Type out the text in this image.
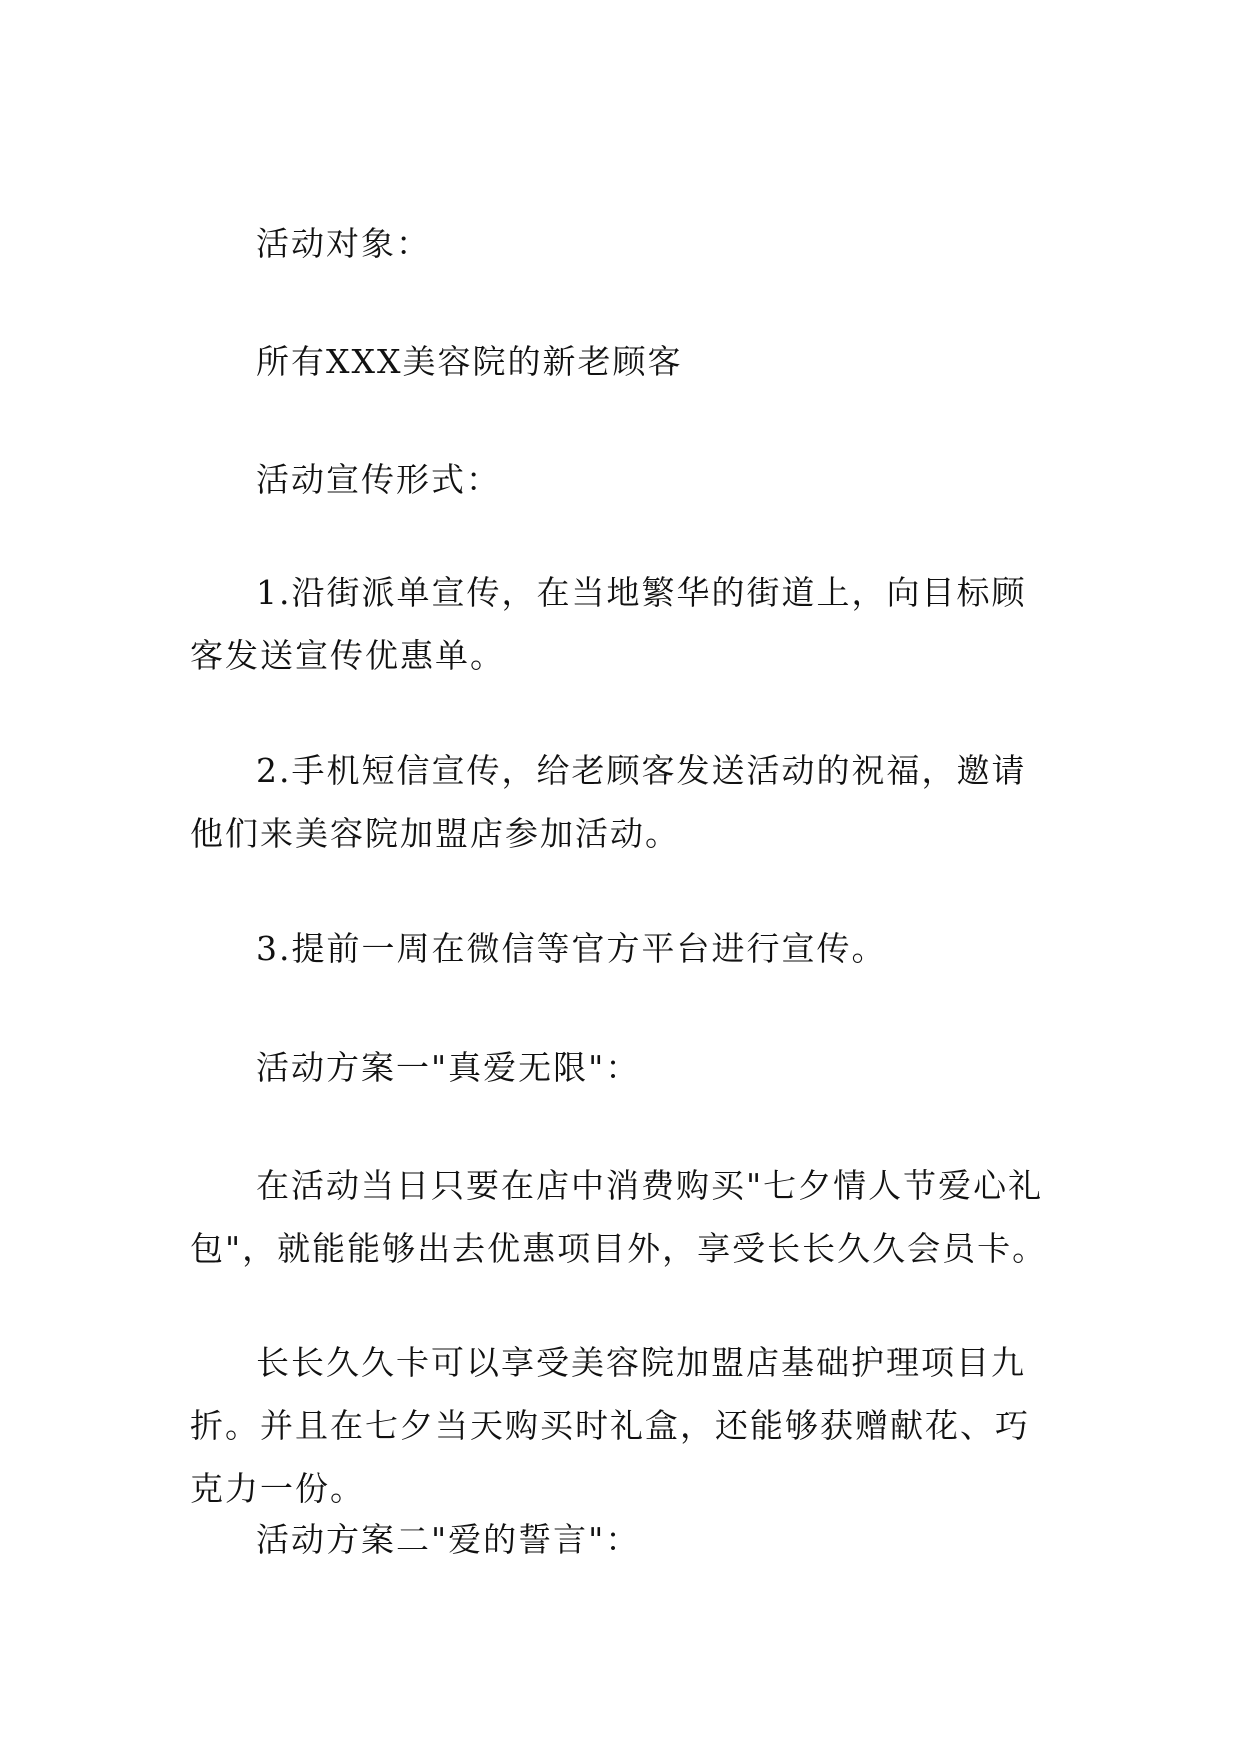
活动对象：

所有XXX美容院的新老顾客

活动宣传形式：

1.沿街派单宣传，在当地繁华的街道上，向目标顾客发送宣传优惠单。

2.手机短信宣传，给老顾客发送活动的祝福，邀请他们来美容院加盟店参加活动。

3.提前一周在微信等官方平台进行宣传。

活动方案一"真爱无限"：

在活动当日只要在店中消费购买"七夕情人节爱心礼包"，就能能够出去优惠项目外，享受长长久久会员卡。

长长久久卡可以享受美容院加盟店基础护理项目九折。并且在七夕当天购买时礼盒，还能够获赠献花、巧克力一份。

活动方案二"爱的誓言"：
